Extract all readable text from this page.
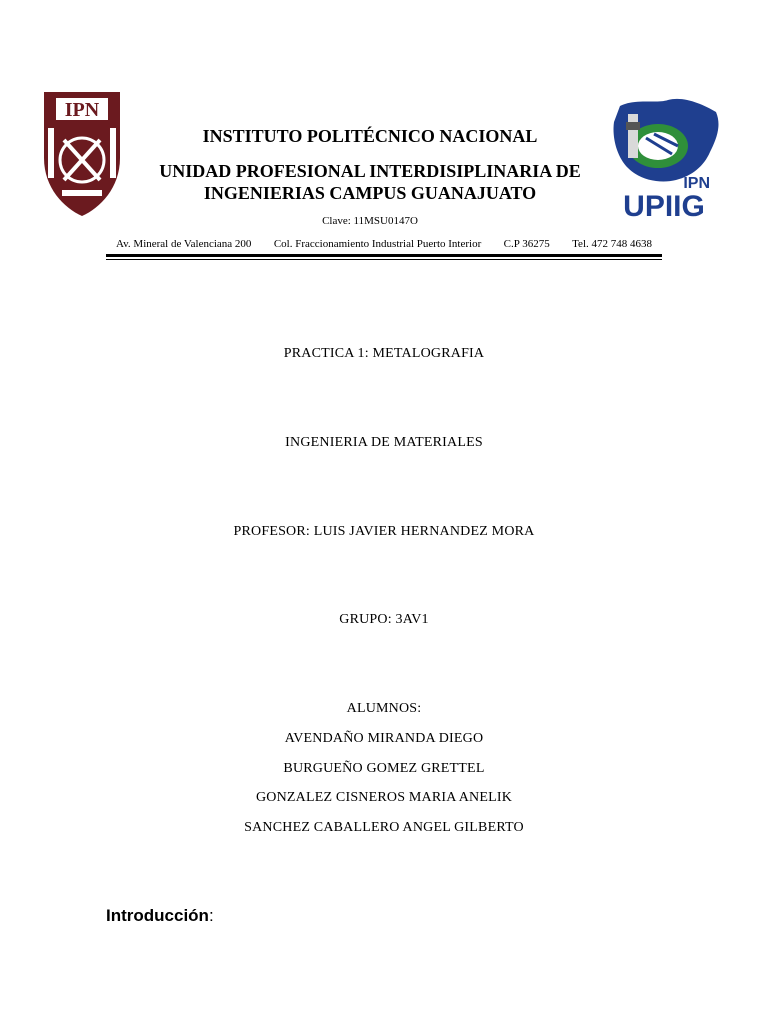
IPN
IPN
UPIIG
INSTITUTO POLITÉCNICO NACIONAL
UNIDAD PROFESIONAL INTERDISIPLINARIA DE
INGENIERIAS CAMPUS GUANAJUATO
Clave: 11MSU0147O
Av. Mineral de Valenciana 200 Col. Fraccionamiento Industrial Puerto Interior C.P 36275 Tel. 472 748 4638
PRACTICA 1: METALOGRAFIA
INGENIERIA DE MATERIALES
PROFESOR: LUIS JAVIER HERNANDEZ MORA
GRUPO: 3AV1
ALUMNOS:
AVENDAÑO MIRANDA DIEGO
BURGUEÑO GOMEZ GRETTEL
GONZALEZ CISNEROS MARIA ANELIK
SANCHEZ CABALLERO ANGEL GILBERTO
Introducción:
